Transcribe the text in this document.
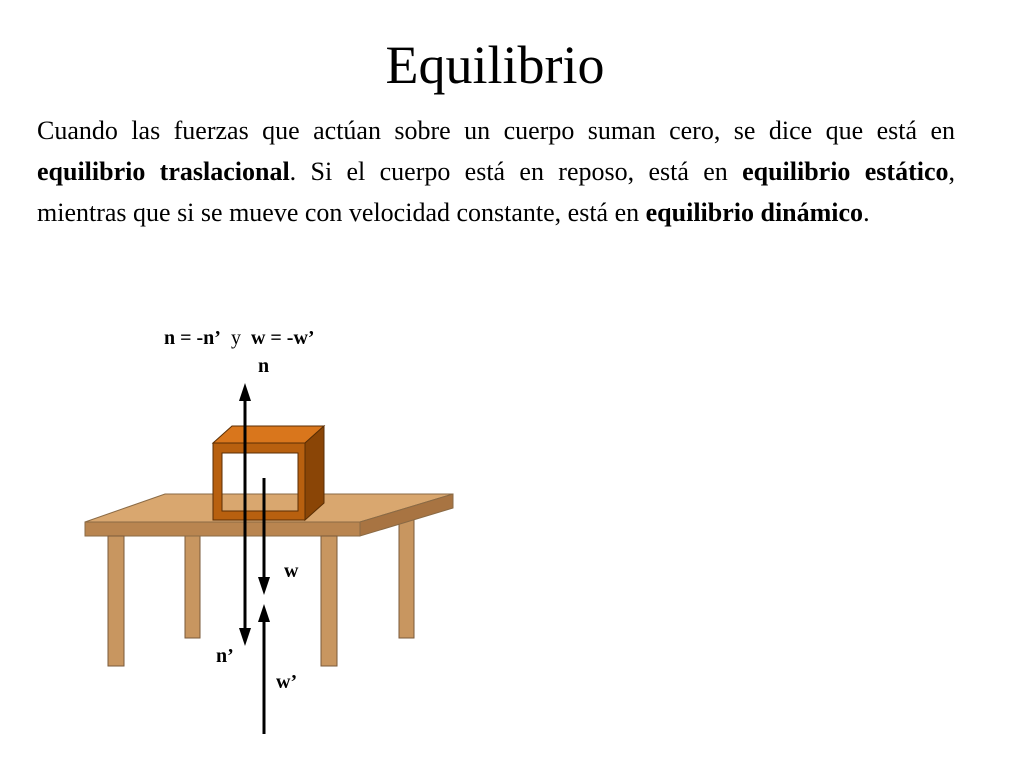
Equilibrio
Cuando las fuerzas que actúan sobre un cuerpo suman cero, se dice que está en equilibrio traslacional. Si el cuerpo está en reposo, está en equilibrio estático, mientras que si se mueve con velocidad constante, está en equilibrio dinámico.
n = -n’ y w = -w’
n
w
n’
w’
